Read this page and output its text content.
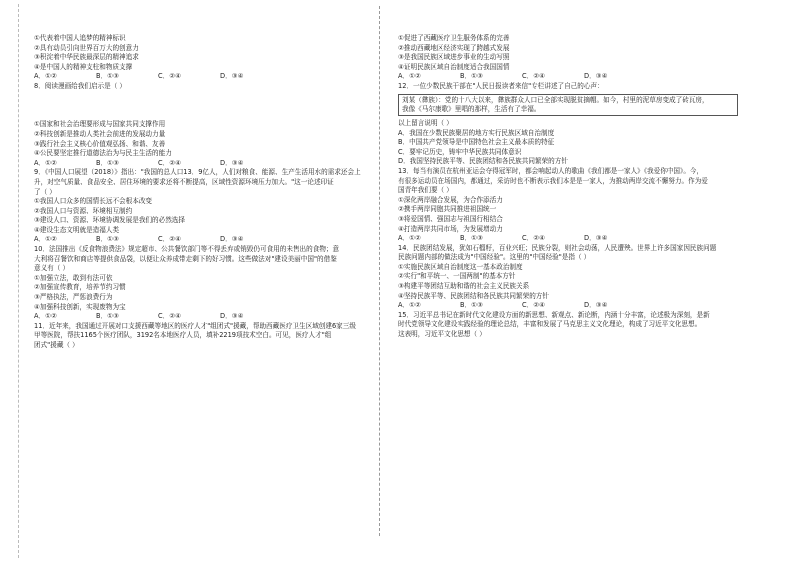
①代表着中国人追梦的精神标识
②具有动员引向世界百万大的创意力
③积淀着中华民族最深层的精神追求
④是中国人的精神支柱和物质支撑
A．①②	B．①③	C．②④	D．③④
8．阅读漫画给我们启示是（ ）
①国家和社会治理要形成与国家共同支撑作用
②科技创新是推动人类社会前进的发展动力量
③践行社会主义核心价值观弘扬、和谐、友善
④公民要坚定推行道德法治为与民主生活的能力
A．①②	B．①③	C．②④	D．③④
9．《中国人口展望（2018）》指出："我国的总人口13．9亿人，人们对粮食、能源、生产生活用水的需求还会上
升，对空气质量、食品安全、居住环境的要求还将不断提高，区域性资源环境压力加大。"这一论述印证
了（ ）
①我国人口众多的国情长远不会根本改变
②我国人口与资源、环境相互制约
③建设人口、资源、环境协调发展是我们的必然选择
④建设生态文明就是造福人类
A．①②	B．①③	C．②④	D．③④
10．法国推出《反食物浪费法》规定超市、公共餐饮部门等不得丢弃或销毁仍可食用的未售出的食物；意
大利将召餐饮和商店等提供食品袋，以便让众养成带走剩下的好习惯。这些做法对"建设美丽中国"的借鉴
意义有（ ）
①加强立法，敢到有法可依
②加强宣传教育，培养节约习惯
③严格执法，严惩浪费行为
④加强科技创新，实现废物为宝
A．①②	B．①③	C．②④	D．③④
11．近年来，我国通过开展对口支援西藏等地区的医疗人才"组团式"援藏，帮助西藏医疗卫生区域创建6家三级
甲等医院，帮扶1165个医疗团队，3192名本地医疗人员，填补2219项技术空白。可见，医疗人才"组
团式"援藏（ ）
①促进了西藏医疗卫生服务体系的完善
②推动西藏地区经济实现了跨越式发展
③是我国民族区域进步事业的生动写照
④证明民族区域自治制度适合我国国情
A．①②	B．①③	C．②④	D．③④
12．一位少数民族干部在"人民日报读者来信"专栏讲述了自己的心声：
刘某（彝族）：党的十八大以来，彝族群众人口已全部实现脱贫摘帽。如今，村里的泥草房变成了砖瓦房，
我像《马尔康歌》里唱的那样，生活有了幸福。
以上留言说明（ ）
A．我国在少数民族聚居的地方实行民族区域自治制度
B．中国共产党领导是中国特色社会主义最本质的特征
C．要牢记历史，铸牢中华民族共同体意识
D．我国坚持民族平等、民族团结和各民族共同繁荣的方针
13．每当有演员在杭州亚运会夺得冠军时，都会响起动人的歌曲《我们都是一家人》《我爱你中国》。今，
有很多运动员在场国内，都通过，采访时也不断表示我们本是是一家人，为推动两岸交流不懈努力。作为爱
国青年我们要（ ）
①深化两岸融合发展，为合作添活力
②携手两岸同胞共同推进祖国统一
③将爱国情、强国志与祖国行相结合
④打造两岸共同市场，为发展增动力
A．①②	B．①③	C．②④	D．③④
14．民族团结发展，犹如石榴籽，百业兴旺；民族分裂，则社会动荡，人民遭殃。世界上许多国家因民族问题
民族问题内部的做法成为"中国经验"。这里的"中国经验"是指（ ）
①实施民族区域自治制度这一基本政治制度
②实行"和平统一、一国两制"的基本方针
③构建平等团结互助和谐的社会主义民族关系
④坚持民族平等、民族团结和各民族共同繁荣的方针
A．①②	B．①③	C．②④	D．③④
15．习近平总书记在新时代文化建设方面的新思想、新观点、新论断，内涵十分丰富，论述极为深刻，是新
时代党领导文化建设实践经验的理论总结，丰富和发展了马克思主义文化理论，构成了习近平文化思想。
这表明，习近平文化思想（ ）
